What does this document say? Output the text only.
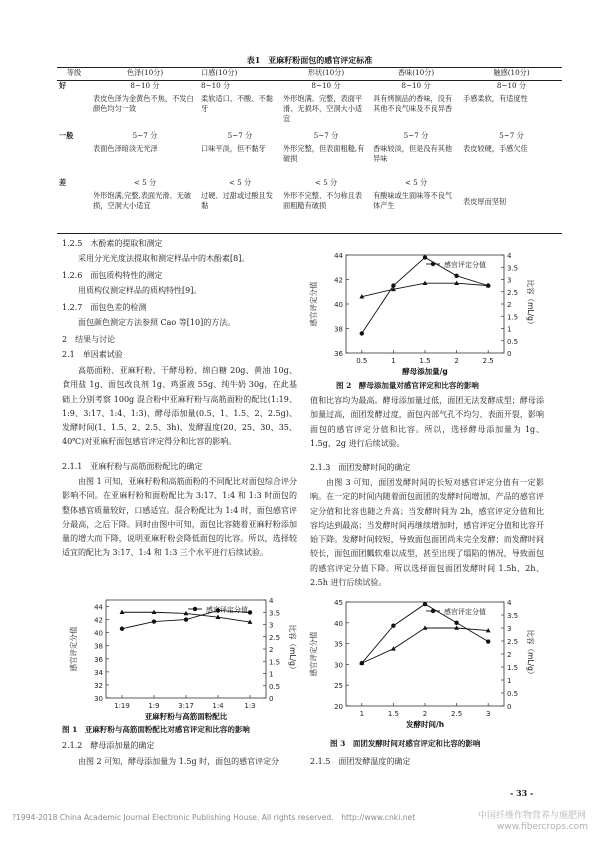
表1　亚麻籽粉面包的感官评定标准
等级	色泽(10分)	口感(10分)	形状(10分)	香味(10分)	触感(10分)
好	8~10 分	8~10 分	8~10 分	8~10 分	8~10 分
	表皮色泽为金黄色不焦，不发白颜色均匀一致	柔软适口、不酸、不黏牙	外形饱满、完整，表面平滑、无损坏，空洞大小适宜	具有烤制品的香味，没有其他不良气味及不良异香	手感柔软，有适度性
一般	5~7 分	5~7 分	5~7 分	5~7 分	5~7 分
	表面色泽暗淡无光泽	口味平淡，但不黏牙	外形完整，但表面粗糙,有破损	香味较淡，但是没有其他异味	表皮较硬，手感欠佳
差	< 5 分	< 5 分	< 5 分	< 5 分	
	外形饱满,完整,表面光滑、无破损，空洞大小适宜	过硬、过甜或过酸且发黏	外形不完整、不匀称且表面粗糙有破损	有酸味或生面味等不良气体产生	表皮厚而坚韧
1.2.5　木酚素的提取和测定

采用分光光度法提取和测定样品中的木酚素[8]。

1.2.6　面包质构特性的测定

用质构仪测定样品的质构特性[9]。

1.2.7　面包色差的检测

面包颜色测定方法参照 Cao 等[10]的方法。

2　结果与讨论
2.1　单因素试验

高筋面粉、亚麻籽粉、干酵母粉、绵白糖 20g、黄油 10g、食用盐 1g、面包改良剂 1g、鸡蛋液 55g、纯牛奶 30g，在此基础上分别考察 100g 混合粉中亚麻籽粉与高筋面粉的配比(1:19、1:9、3:17、1:4、1:3)、酵母添加量(0.5、1、1.5、2、2.5g)、发酵时间(1、1.5、2、2.5、3h)、发酵温度(20、25、30、35、40℃)对亚麻籽面包感官评定得分和比容的影响。

2.1.1　亚麻籽粉与高筋面粉配比的确定

由图 1 可知，亚麻籽粉和高筋面粉的不同配比对面包综合评分影响不同。在亚麻籽粉和面粉配比为 3:17、1:4 和 1:3 时面包的整体感官质量较好，口感适宜。混合粉配比为 1:4 时，面包感官评分最高，之后下降。同时由图中可知，面包比容随着亚麻籽粉添加量的增大而下降，说明亚麻籽粉会降低面包的比容。所以，选择较适宜的配比为 3:17、1:4 和 1:3 三个水平进行后续试验。

30
32
34
36
38
40
42
44
0
0.5
1
1.5
2
2.5
3
3.5
4
1:19	1:9	3:17	1:4	1:3
亚麻籽粉与高筋面粉配比
感官评定分值	比容（mL/g）
感官评定分值
图 1　亚麻籽粉与高筋面粉配比对感官评定和比容的影响
2.1.2　酵母添加量的确定

由图 2 可知，酵母添加量为 1.5g 时，面包的感官评定分

36
38
40
42
44
0
0.5
1
1.5
2
2.5
3
3.5
4
0.5	1	1.5	2	2.5
酵母添加量/g
感官评定分值	比容（mL/g）
感官评定分值
图 2　酵母添加量对感官评定和比容的影响

值和比容均为最高。酵母添加量过低，面团无法发酵成型；酵母添加量过高，面团发酵过度，面包内部气孔不均匀、表面开裂，影响面包的感官评定分值和比容。所以，选择酵母添加量为 1g、1.5g、2g 进行后续试验。

2.1.3　面团发酵时间的确定

由图 3 可知，面团发酵时间的长短对感官评定分值有一定影响。在一定的时间内随着面包面团的发酵时间增加，产品的感官评定分值和比容也随之升高；当发酵时间为 2h，感官评定分值和比容均达到最高；当发酵时间再继续增加时，感官评定分值和比容开始下降。发酵时间较短，导致面包面团尚未完全发酵；而发酵时间较长，面包面团瓤软难以成型，甚至出现了塌陷的情况，导致面包的感官评定分值下降。所以选择面包面团发酵时间 1.5h、2h、2.5h 进行后续试验。

20
25
30
35
40
45
0
0.5
1
1.5
2
2.5
3
3.5
4
1	1.5	2	2.5	3
发酵时间/h
感官评定分值	比容（mL/g）
感官评定分值
图 3　面团发酵时间对感官评定和比容的影响
2.1.5　面团发酵温度的确定
- 33 -
?1994-2018 China Academic Journal Electronic Publishing House. All rights reserved.　http://www.cnki.net	中国纤维作物营养与施肥网
www.fibercrops.com
